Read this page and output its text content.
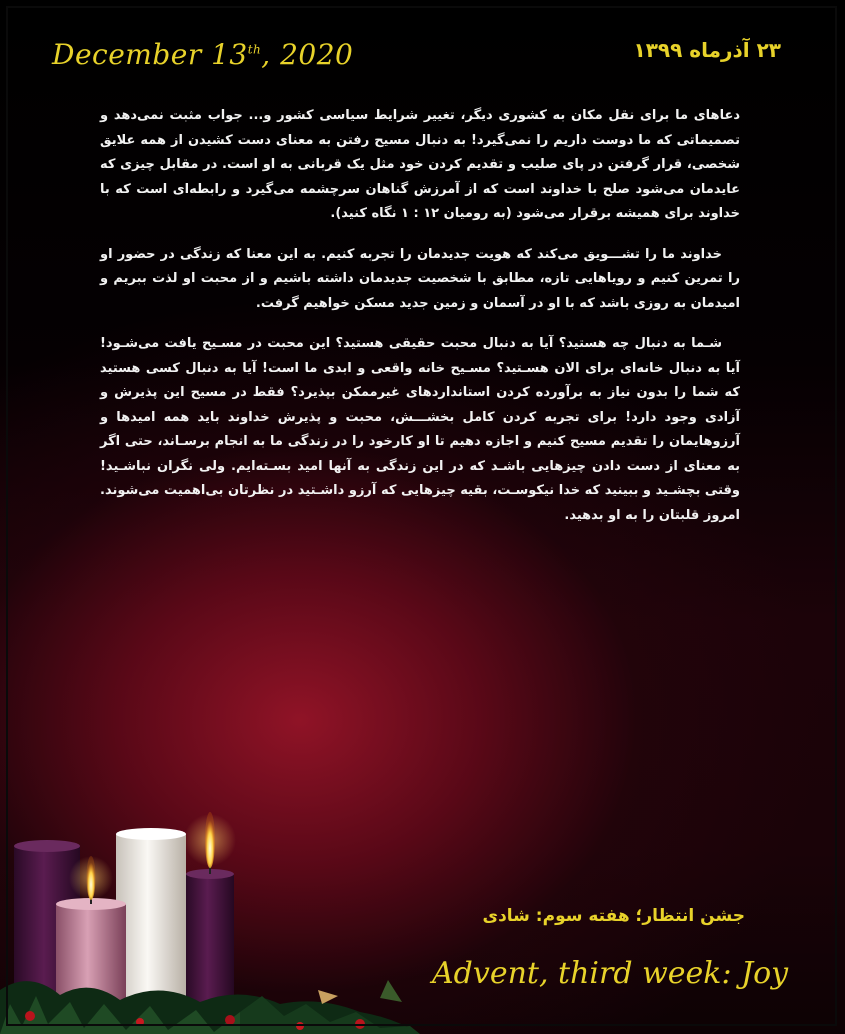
December 13th, 2020	۲۳ آذرماه ۱۳۹۹

دعاهای ما برای نقل مکان به کشوری دیگر، تغییر شرایط سیاسی کشور و... جواب مثبت نمی‌دهد و تصمیماتی که ما دوست داریم را نمی‌گیرد! به دنبال مسیح رفتن به معنای دست کشیدن از همه علایق شخصی، قرار گرفتن در پای صلیب و تقدیم کردن خود مثل یک قربانی به او است. در مقابل چیزی که عایدمان می‌شود صلح با خداوند است که از آمرزش گناهان سرچشمه می‌گیرد و رابطه‌ای است که با خداوند برای همیشه برقرار می‌شود (به رومیان ۱۲ : ۱ نگاه کنید).

خداوند ما را تشـــویق می‌کند که هویت جدیدمان را تجربه کنیم. به این معنا که زندگی در حضور او را تمرین کنیم و رویاهایی تازه، مطابق با شخصیت جدیدمان داشته باشیم و از محبت او لذت ببریم و امیدمان به روزی باشد که با او در آسمان و زمین جدید مسکن خواهیم گرفت.

شـما به دنبال چه هستید؟ آیا به دنبال محبت حقیقی هستید؟ این محبت در مسـیح یافت می‌شـود! آیا به دنبال خانه‌ای برای الان هسـتید؟ مسـیح خانه واقعی و ابدی ما است! آیا به دنبال کسی هستید که شما را بدون نیاز به برآورده کردن استانداردهای غیرممکن بپذیرد؟ فقط در مسیح این پذیرش و آزادی وجود دارد! برای تجربه کردن کامل بخشـــش، محبت و پذیرش خداوند باید همه امیدها و آرزوهایمان را تقدیم مسیح کنیم و اجازه دهیم تا او کارخود را در زندگی ما به انجام برسـاند، حتی اگر به معنای از دست دادن چیزهایی باشـد که در این زندگی به آنها امید بسـته‌ایم. ولی نگران نباشـید! وقتی بچشـید و ببینید که خدا نیکوسـت، بقیه چیزهایی که آرزو داشـتید در نظرتان بی‌اهمیت می‌شوند. امروز قلبتان را به او بدهید.

جشن انتظار؛ هفته سوم: شادی
Advent, third week: Joy
